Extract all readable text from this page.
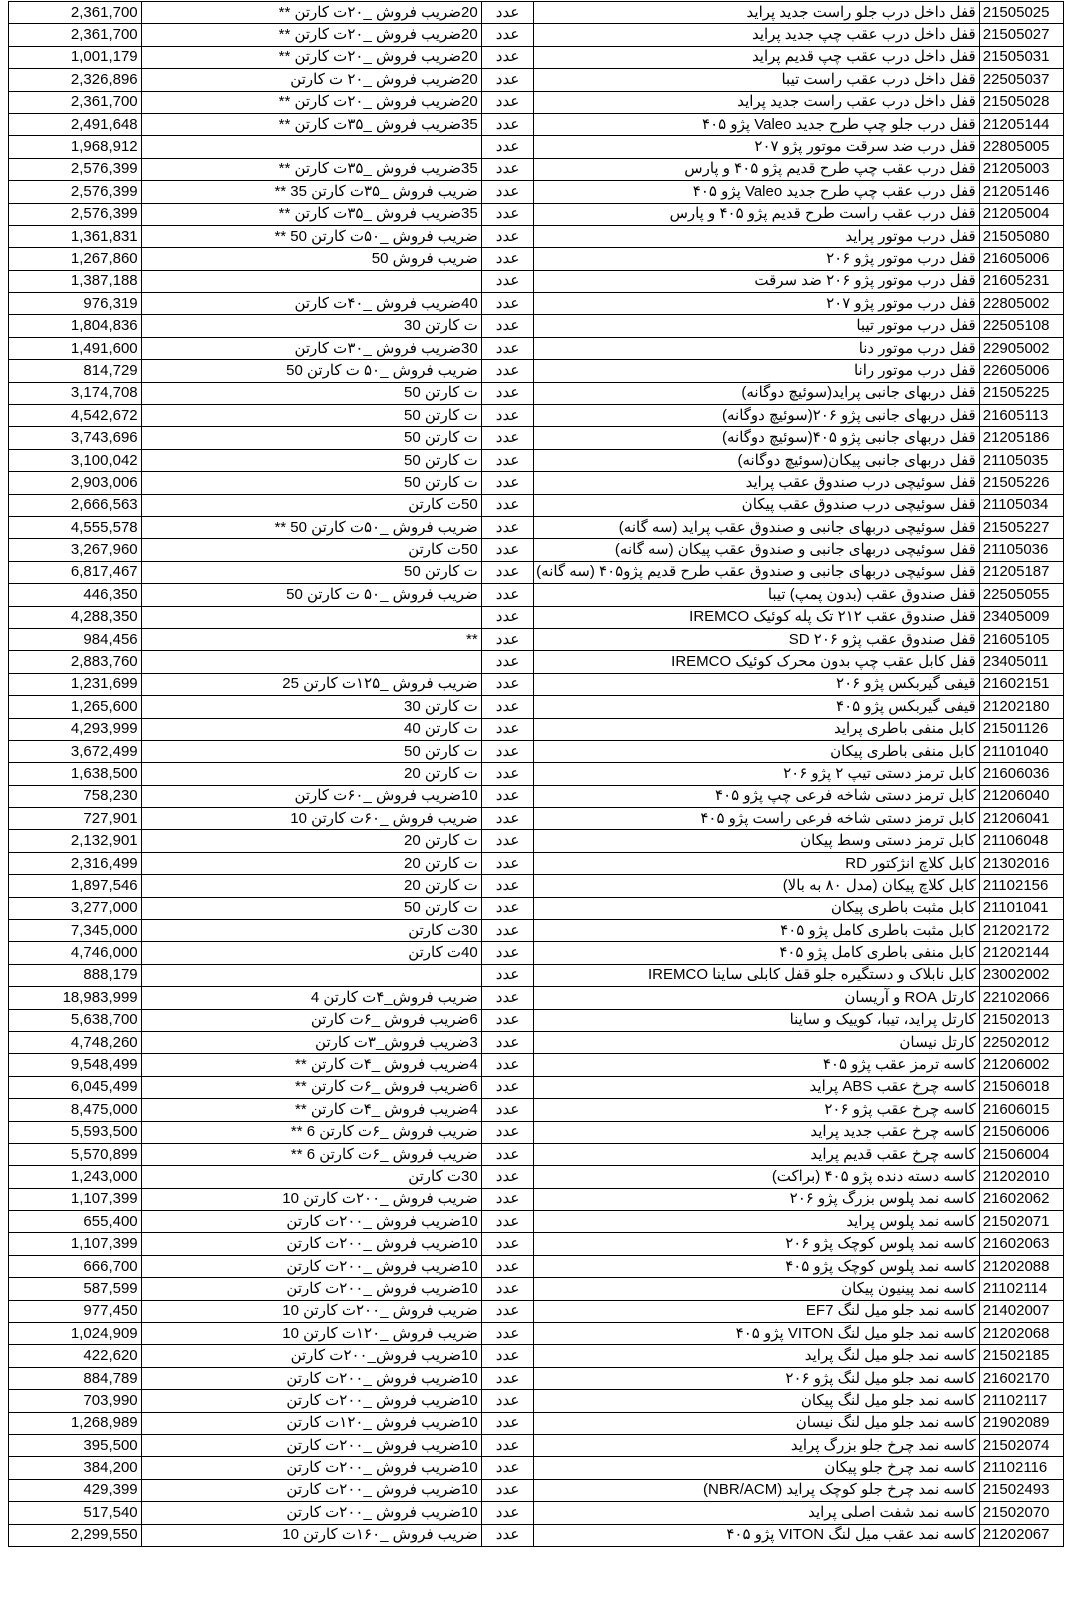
2,361,700	20ضریب فروش _۲۰ت کارتن **	عدد	قفل داخل درب جلو راست جدید پراید	21505025
2,361,700	20ضریب فروش _۲۰ت کارتن **	عدد	قفل داخل درب عقب چپ جدید پراید	21505027
1,001,179	20ضریب فروش _۲۰ت کارتن **	عدد	قفل داخل درب عقب چپ قدیم پراید	21505031
2,326,896	20ضریب فروش _۲۰ ت کارتن	عدد	قفل داخل درب عقب راست تیبا	22505037
2,361,700	20ضریب فروش _۲۰ت کارتن **	عدد	قفل داخل درب عقب راست جدید پراید	21505028
2,491,648	35ضریب فروش _۳۵ت کارتن **	عدد	قفل درب جلو چپ طرح جدید Valeo پژو ۴۰۵	21205144
1,968,912		عدد	قفل درب ضد سرقت موتور پژو ۲۰۷	22805005
2,576,399	35ضریب فروش _۳۵ت کارتن **	عدد	قفل درب عقب چپ طرح قدیم پژو ۴۰۵ و پارس	21205003
2,576,399	ضریب فروش _۳۵ت کارتن 35 **	عدد	قفل درب عقب چپ طرح جدید Valeo پژو ۴۰۵	21205146
2,576,399	35ضریب فروش _۳۵ت کارتن **	عدد	قفل درب عقب راست طرح قدیم پژو ۴۰۵ و پارس	21205004
1,361,831	ضریب فروش _۵۰ت کارتن 50 **	عدد	قفل درب موتور پراید	21505080
1,267,860	ضریب فروش 50	عدد	قفل درب موتور پژو ۲۰۶	21605006
1,387,188		عدد	قفل درب موتور پژو ۲۰۶ ضد سرقت	21605231
976,319	40ضریب فروش _۴۰ت کارتن	عدد	قفل درب موتور پژو ۲۰۷	22805002
1,804,836	ت کارتن 30	عدد	قفل درب موتور تیبا	22505108
1,491,600	30ضریب فروش _۳۰ت کارتن	عدد	قفل درب موتور دنا	22905002
814,729	ضریب فروش _۵۰ ت کارتن 50	عدد	قفل درب موتور رانا	22605006
3,174,708	ت کارتن 50	عدد	قفل دربهای جانبی پراید(سوئیچ دوگانه)	21505225
4,542,672	ت کارتن 50	عدد	قفل دربهای جانبی پژو ۲۰۶(سوئیچ دوگانه)	21605113
3,743,696	ت کارتن 50	عدد	قفل دربهای جانبی پژو ۴۰۵(سوئیچ دوگانه)	21205186
3,100,042	ت کارتن 50	عدد	قفل دربهای جانبی پیکان(سوئیچ دوگانه)	21105035
2,903,006	ت کارتن 50	عدد	قفل سوئیچی درب صندوق عقب پراید	21505226
2,666,563	50ت کارتن	عدد	قفل سوئیچی درب صندوق عقب پیکان	21105034
4,555,578	ضریب فروش _۵۰ت کارتن 50 **	عدد	قفل سوئیچی دربهای جانبی و صندوق عقب پراید (سه گانه)	21505227
3,267,960	50ت کارتن	عدد	قفل سوئیچی دربهای جانبی و صندوق عقب پیکان (سه گانه)	21105036
6,817,467	ت کارتن 50	عدد	قفل سوئیچی دربهای جانبی و صندوق عقب طرح قدیم پژو۴۰۵ (سه گانه)	21205187
446,350	ضریب فروش _۵۰ ت کارتن 50	عدد	قفل صندوق عقب (بدون پمپ) تیبا	22505055
4,288,350		عدد	قفل صندوق عقب ۲۱۲ تک پله کوئیک IREMCO	23405009
984,456	**	عدد	قفل صندوق عقب پژو ۲۰۶ SD	21605105
2,883,760		عدد	قفل کابل عقب چپ بدون محرک کوئیک IREMCO	23405011
1,231,699	ضریب فروش _۱۲۵ت کارتن 25	عدد	قیفی گیربکس پژو ۲۰۶	21602151
1,265,600	ت کارتن 30	عدد	قیفی گیربکس پژو ۴۰۵	21202180
4,293,999	ت کارتن 40	عدد	کابل منفی باطری پراید	21501126
3,672,499	ت کارتن 50	عدد	کابل منفی باطری پیکان	21101040
1,638,500	ت کارتن 20	عدد	کابل ترمز دستی تیپ ۲ پژو ۲۰۶	21606036
758,230	10ضریب فروش _۶۰ت کارتن	عدد	کابل ترمز دستی شاخه فرعی چپ پژو ۴۰۵	21206040
727,901	ضریب فروش _۶۰ت کارتن 10	عدد	کابل ترمز دستی شاخه فرعی راست پژو ۴۰۵	21206041
2,132,901	ت کارتن 20	عدد	کابل ترمز دستی وسط پیکان	21106048
2,316,499	ت کارتن 20	عدد	کابل کلاچ انژکتور RD	21302016
1,897,546	ت کارتن 20	عدد	کابل کلاچ پیکان (مدل ۸۰ به بالا)	21102156
3,277,000	ت کارتن 50	عدد	کابل مثبت باطری پیکان	21101041
7,345,000	30ت کارتن	عدد	کابل مثبت باطری کامل پژو ۴۰۵	21202172
4,746,000	40ت کارتن	عدد	کابل منفی باطری کامل پژو ۴۰۵	21202144
888,179		عدد	کابل نابلاک و دستگیره جلو قفل کابلی ساینا IREMCO	23002002
18,983,999	ضریب فروش_۴ت کارتن 4	عدد	کارتل ROA و آریسان	22102066
5,638,700	6ضریب فروش _۶ت کارتن	عدد	کارتل پراید، تیبا، کوییک و ساینا	21502013
4,748,260	3ضریب فروش_۳ت کارتن	عدد	کارتل نیسان	22502012
9,548,499	4ضریب فروش _۴ت کارتن **	عدد	کاسه ترمز عقب پژو ۴۰۵	21206002
6,045,499	6ضریب فروش _۶ت کارتن **	عدد	کاسه چرخ عقب ABS پراید	21506018
8,475,000	4ضریب فروش _۴ت کارتن **	عدد	کاسه چرخ عقب پژو ۲۰۶	21606015
5,593,500	ضریب فروش _۶ت کارتن 6 **	عدد	کاسه چرخ عقب جدید پراید	21506006
5,570,899	ضریب فروش _۶ت کارتن 6 **	عدد	کاسه چرخ عقب قدیم پراید	21506004
1,243,000	30ت کارتن	عدد	کاسه دسته دنده پژو ۴۰۵ (براکت)	21202010
1,107,399	ضریب فروش _۲۰۰ت کارتن 10	عدد	کاسه نمد پلوس بزرگ پژو ۲۰۶	21602062
655,400	10ضریب فروش _۲۰۰ت کارتن	عدد	کاسه نمد پلوس پراید	21502071
1,107,399	10ضریب فروش _۲۰۰ت کارتن	عدد	کاسه نمد پلوس کوچک پژو ۲۰۶	21602063
666,700	10ضریب فروش _۲۰۰ت کارتن	عدد	کاسه نمد پلوس کوچک پژو ۴۰۵	21202088
587,599	10ضریب فروش _۲۰۰ت کارتن	عدد	کاسه نمد پینیون پیکان	21102114
977,450	ضریب فروش _۲۰۰ت کارتن 10	عدد	کاسه نمد جلو میل لنگ EF7	21402007
1,024,909	ضریب فروش _۱۲۰ت کارتن 10	عدد	کاسه نمد جلو میل لنگ VITON پژو ۴۰۵	21202068
422,620	10ضریب فروش_۲۰۰ت کارتن	عدد	کاسه نمد جلو میل لنگ پراید	21502185
884,789	10ضریب فروش _۲۰۰ت کارتن	عدد	کاسه نمد جلو میل لنگ پژو ۲۰۶	21602170
703,990	10ضریب فروش _۲۰۰ت کارتن	عدد	کاسه نمد جلو میل لنگ پیکان	21102117
1,268,989	10ضریب فروش _۱۲۰ت کارتن	عدد	کاسه نمد جلو میل لنگ نیسان	21902089
395,500	10ضریب فروش _۲۰۰ت کارتن	عدد	کاسه نمد چرخ جلو بزرگ پراید	21502074
384,200	10ضریب فروش _۲۰۰ت کارتن	عدد	کاسه نمد چرخ جلو پیکان	21102116
429,399	10ضریب فروش _۲۰۰ت کارتن	عدد	کاسه نمد چرخ جلو کوچک پراید (NBR/ACM)	21502493
517,540	10ضریب فروش _۲۰۰ت کارتن	عدد	کاسه نمد شفت اصلی پراید	21502070
2,299,550	ضریب فروش _۱۶۰ت کارتن 10	عدد	کاسه نمد عقب میل لنگ VITON پژو ۴۰۵	21202067
